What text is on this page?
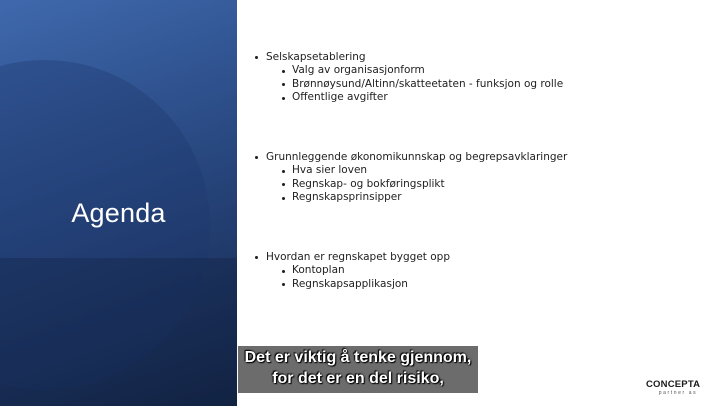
Agenda
Selskapsetablering
Valg av organisasjonform
Brønnøysund/Altinn/skatteetaten - funksjon og rolle
Offentlige avgifter
Grunnleggende økonomikunnskap og begrepsavklaringer
Hva sier loven
Regnskap- og bokføringsplikt
Regnskapsprinsipper
Hvordan er regnskapet bygget opp
Kontoplan
Regnskapsapplikasjon
Det er viktig å tenke gjennom,
for det er en del risiko,	CONCEPTA
partner as
